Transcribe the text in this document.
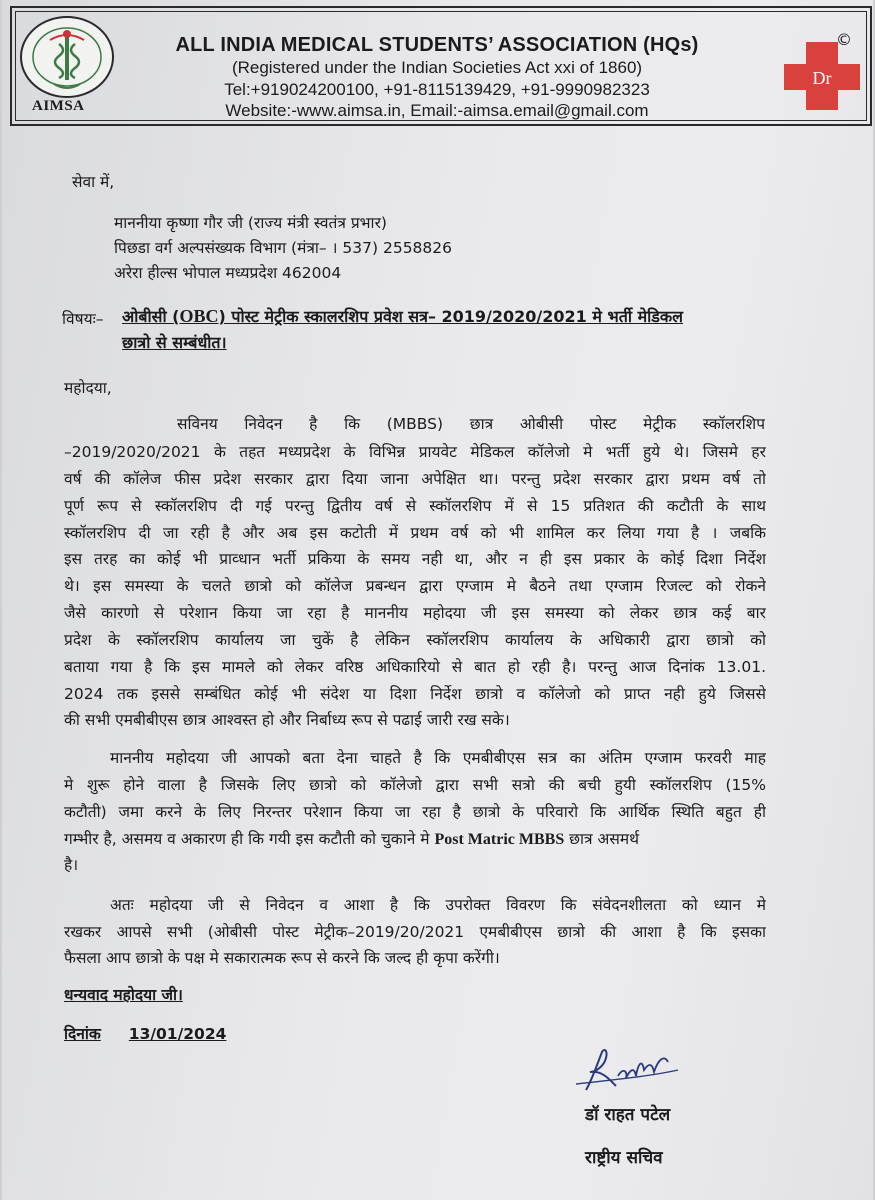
AIMSA
ALL INDIA MEDICAL STUDENTS’ ASSOCIATION (HQs)
(Registered under the Indian Societies Act xxi of 1860)
Tel:+919024200100, +91-8115139429, +91-9990982323
Website:-www.aimsa.in, Email:-aimsa.email@gmail.com
Dr
©
सेवा में,
माननीया कृष्णा गौर जी (राज्य मंत्री स्वतंत्र प्रभार)
पिछडा वर्ग अल्पसंख्यक विभाग (मंत्रा– । 537) 2558826
अरेरा हील्स भोपाल मध्यप्रदेश 462004
विषयः– ओबीसी (OBC) पोस्ट मेट्रीक स्कालरशिप प्रवेश सत्र– 2019/2020/2021 मे भर्ती मेडिकल
छात्रो से सम्बंधीत।
महोदया,
सविनय निवेदन है कि (MBBS) छात्र ओबीसी पोस्ट मेट्रीक स्कॉलरशिप
–2019/2020/2021 के तहत मध्यप्रदेश के विभिन्न प्रायवेट मेडिकल कॉलेजो मे भर्ती हुये थे। जिसमे हर
वर्ष की कॉलेज फीस प्रदेश सरकार द्वारा दिया जाना अपेक्षित था। परन्तु प्रदेश सरकार द्वारा प्रथम वर्ष तो
पूर्ण रूप से स्कॉलरशिप दी गई परन्तु द्वितीय वर्ष से स्कॉलरशिप में से 15 प्रतिशत की कटौती के साथ
स्कॉलरशिप दी जा रही है और अब इस कटोती में प्रथम वर्ष को भी शामिल कर लिया गया है । जबकि
इस तरह का कोई भी प्राव्धान भर्ती प्रकिया के समय नही था, और न ही इस प्रकार के कोई दिशा निर्देश
थे। इस समस्या के चलते छात्रो को कॉलेज प्रबन्धन द्वारा एग्जाम मे बैठने तथा एग्जाम रिजल्ट को रोकने
जैसे कारणो से परेशान किया जा रहा है माननीय महोदया जी इस समस्या को लेकर छात्र कई बार
प्रदेश के स्कॉलरशिप कार्यालय जा चुकें है लेकिन स्कॉलरशिप कार्यालय के अधिकारी द्वारा छात्रो को
बताया गया है कि इस मामले को लेकर वरिष्ठ अधिकारियो से बात हो रही है। परन्तु आज दिनांक 13.01.
2024 तक इससे सम्बंधित कोई भी संदेश या दिशा निर्देश छात्रो व कॉलेजो को प्राप्त नही हुये जिससे
की सभी एमबीबीएस छात्र आश्वस्त हो और निर्बाध्य रूप से पढाई जारी रख सके।
माननीय महोदया जी आपको बता देना चाहते है कि एमबीबीएस सत्र का अंतिम एग्जाम फरवरी माह
मे शुरू होने वाला है जिसके लिए छात्रो को कॉलेजो द्वारा सभी सत्रो की बची हुयी स्कॉलरशिप (15%
कटौती) जमा करने के लिए निरन्तर परेशान किया जा रहा है छात्रो के परिवारो कि आर्थिक स्थिति बहुत ही
गम्भीर है, असमय व अकारण ही कि गयी इस कटौती को चुकाने मे Post Matric MBBS छात्र असमर्थ
है।
अतः महोदया जी से निवेदन व आशा है कि उपरोक्त विवरण कि संवेदनशीलता को ध्यान मे
रखकर आपसे सभी (ओबीसी पोस्ट मेट्रीक–2019/20/2021 एमबीबीएस छात्रो की आशा है कि इसका
फैसला आप छात्रो के पक्ष मे सकारात्मक रूप से करने कि जल्द ही कृपा करेंगी।
धन्यवाद महोदया जी।
दिनांक 13/01/2024
डॉ राहत पटेल
राष्ट्रीय सचिव
